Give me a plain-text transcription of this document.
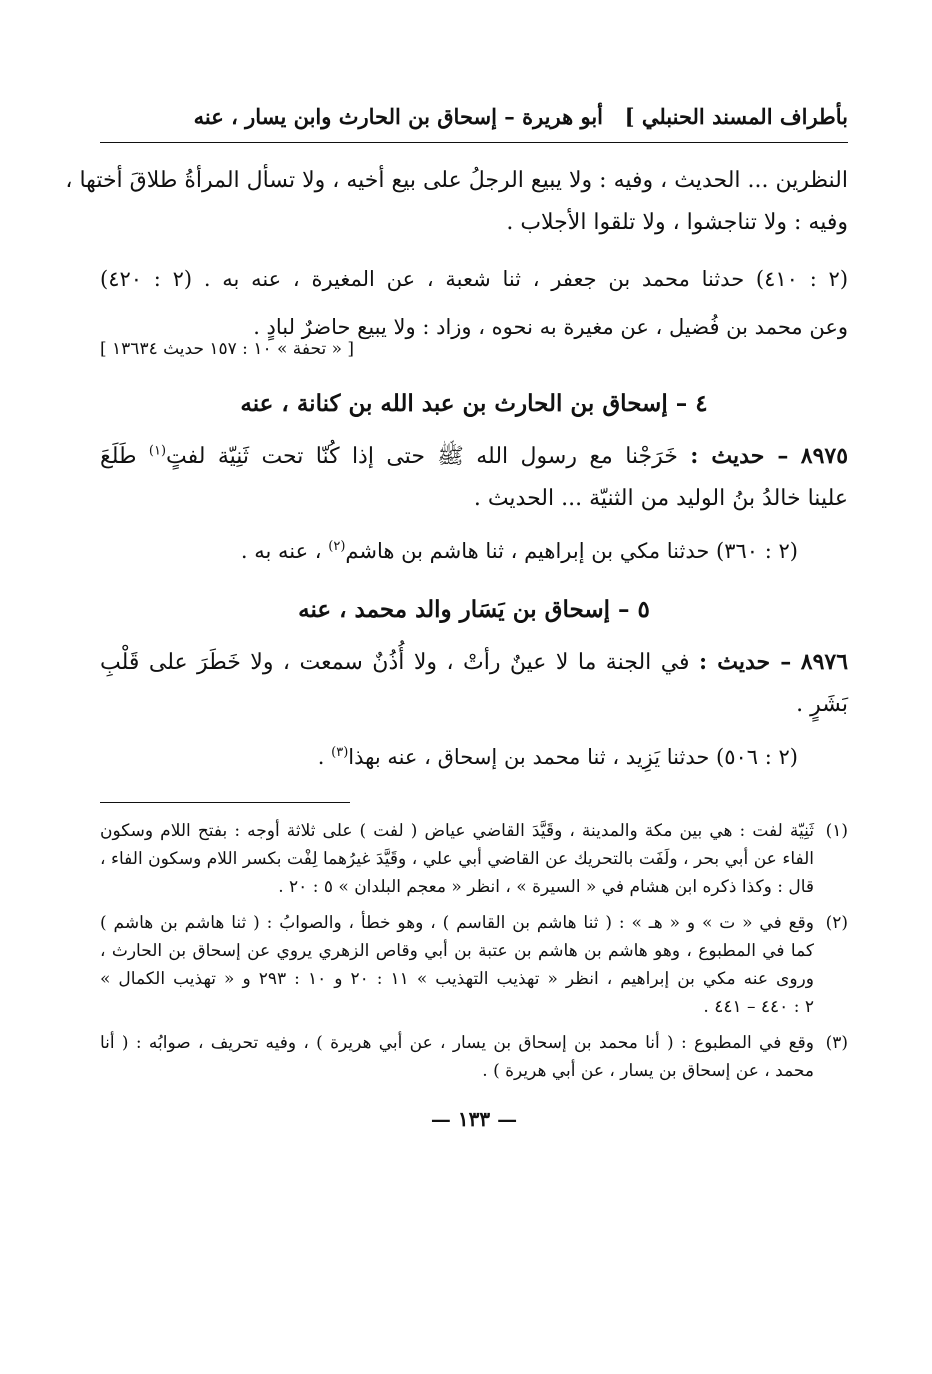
بأطراف المسند الحنبلي ]
أبو هريرة – إسحاق بن الحارث وابن يسار ، عنه

النظرين ... الحديث ، وفيه : ولا يبيع الرجلُ على بيع أخيه ، ولا تسأل المرأةُ طلاقَ أختها ،

وفيه : ولا تناجشوا ، ولا تلقوا الأجلاب .

(٢ : ٤١٠) حدثنا محمد بن جعفر ، ثنا شعبة ، عن المغيرة ، عنه به . (٢ : ٤٢٠)

وعن محمد بن فُضيل ، عن مغيرة به نحوه ، وزاد : ولا يبيع حاضرٌ لبادٍ .

[ « تحفة » ١٠ : ١٥٧ حديث ١٣٦٣٤ ]

٤ – إسحاق بن الحارث بن عبد الله بن كنانة ، عنه

٨٩٧٥ – حديث : خَرَجْنا مع رسول الله ﷺ حتى إذا كُنّا تحت ثَنِيّة لفتٍ$^{(١)}$ طَلَعَ

علينا خالدُ بنُ الوليد من الثنيّة ... الحديث .

(٢ : ٣٦٠) حدثنا مكي بن إبراهيم ، ثنا هاشم بن هاشم$^{(٢)}$ ، عنه به .

٥ – إسحاق بن يَسَار والد محمد ، عنه

٨٩٧٦ – حديث : في الجنة ما لا عينٌ رأتْ ، ولا أُذُنٌ سمعت ، ولا خَطَرَ على قَلْبِ

بَشَرٍ .

(٢ : ٥٠٦) حدثنا يَزِيد ، ثنا محمد بن إسحاق ، عنه بهذا$^{(٣)}$ .

(١)
ثَنِيّة لفت : هي بين مكة والمدينة ، وقَيَّدَ القاضي عياض ( لفت ) على ثلاثة أوجه : بفتح اللام وسكون
الفاء عن أبي بحر ، ولَفَت بالتحريك عن القاضي أبي علي ، وقَيَّدَ غيرُهما لِفْت بكسر اللام وسكون الفاء ،
قال : وكذا ذكره ابن هشام في « السيرة » ، انظر « معجم البلدان » ٥ : ٢٠ .
(٢)
وقع في « ت » و « هـ » : ( ثنا هاشم بن القاسم ) ، وهو خطأ ، والصوابُ : ( ثنا هاشم بن هاشم )
كما في المطبوع ، وهو هاشم بن هاشم بن عتبة بن أبي وقاص الزهري يروي عن إسحاق بن الحارث ،
وروى عنه مكي بن إبراهيم ، انظر « تهذيب التهذيب » ١١ : ٢٠ و ١٠ : ٢٩٣ و « تهذيب الكمال »
٢ : ٤٤٠ – ٤٤١ .
(٣)
وقع في المطبوع : ( أنا محمد بن إسحاق بن يسار ، عن أبي هريرة ) ، وفيه تحريف ، صوابُه : ( أنا
محمد ، عن إسحاق بن يسار ، عن أبي هريرة ) .
— ١٣٣ —
